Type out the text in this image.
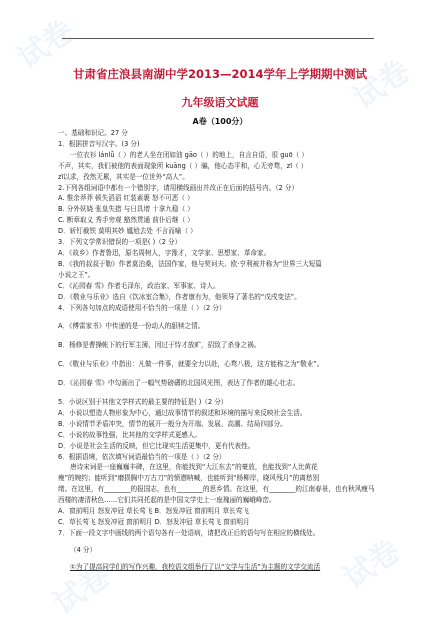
甘肃省庄浪县南湖中学2013—2014学年上学期期中测试
九年级语文试题
A卷（100分）
一、基础和识记。27 分
1．根据拼音写汉字。(3 分)
一位衣衫 lánlǚ（ ）的老人坐在闭如油 gāo（ ）的地上，自言自语，很 guō（ ）
不声，其实，我们被他的表面现象所 kuāng（ ）骗，他心态平和，心无旁骛，zī（ ）
zī以求，孜然无累，其实是一位世外“高人”。
2.下列各组词语中都有一个错别字，请用横线画出并改正在后面的括号内。（2 分）
A. 惟余莽莽 顿失滔滔 红装素裹 怒不可恶（ ）
B. 分外妖娆 张皇失措 与日具增 十拿九稳（ ）
C. 断章取义 秀手旁观 豁然贯通 前仆后继（ ）
D．斩钉截铁 莫明其妙 尴尬去处 不言而喻（ ）
3．下列文学常识错误的一项是( )（2 分）
A．《故乡》作者鲁迅，原名周树人，字豫才，文学家、思想家、革命家。
B．《我的叔叔于勒》作者莫泊桑，法国作家，他与契诃夫、欧·亨利被并称为“世界三大短篇
小说之王”。
C．《沁园春 雪》作者毛泽东，政治家、军事家、诗人。
D．《敬业与乐业》选自《饮冰室合集》，作者康有为，他领导了著名的“戊戌变法”。
4．下列各句加点的成语使用不恰当的一项是（ ）（2 分）
A．《傅雷家书》中传递的是一份动人的舐犊之情。
B．杨修是曹操帐下的行军主簿，因过于恃才放旷，招致了杀身之祸。
C．《敬业与乐业》中指出：凡做一件事，就要全力以赴，心骛八极，这方能称之为“敬业”。
D．《沁园春 雪》中勾画出了一幅气势磅礴的北国风光图，表达了作者的雄心壮志。
5．小说区别于其他文学样式的最主要的特征是( )（2 分）
A．小说以塑造人物形象为中心，通过故事情节的叙述和环境的描写来反映社会生活。
B．小说情节矛盾冲突，情节的展开一般分为开端、发展、高潮、结局四部分。
C．小说的故事性强，比其他的文学样式更感人。
D．小说是社会生活的反映，但它比现实生活更集中，更有代表性。
6．根据语境，依次填写词语最恰当的一项是（ ）（2 分）
唐诗宋词是一座巍巍丰碑，在这里，你能找到“大江东去”的豪放，也能找到“人比黄花
瘦”的婉约；能听到“磨损胸中万古刀”的愤懑呐喊，也能听到“杨柳岸，晓风残月”的离愁别
绪。在这里，有________的报国志，也有________的思乡情。在这里，有________的江南春景，也有秋风瘦马
西楼的凄清秋色……它们共同托起的是中国文学史上一座瑰丽的巍峨峰峦。
A．窗前明月 怒发冲冠 草长莺飞 B．怒发冲冠 窗前明月 草长莺飞
C．草长莺飞 怒发冲冠 窗前明月 D．怒发冲冠 草长莺飞 窗前明月
7．下面一段文字中画线的两个语句各有一处语病，请把改正后的语句写在相应的横线处。
（4 分）
①为了提高同学们的写作兴趣，我校语文组举行了以“文学与生活”为主题的文学交流活
试卷
试卷
试卷
试卷
